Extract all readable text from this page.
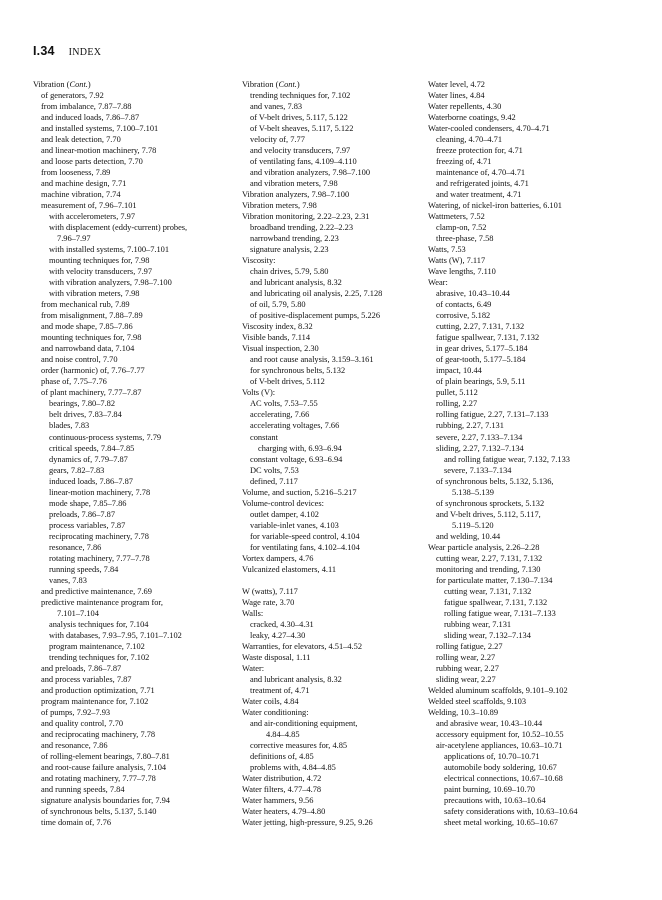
I.34 INDEX
Vibration (Cont.)
of generators, 7.92
from imbalance, 7.87–7.88
and induced loads, 7.86–7.87
and installed systems, 7.100–7.101
and leak detection, 7.70
and linear-motion machinery, 7.78
and loose parts detection, 7.70
from looseness, 7.89
and machine design, 7.71
machine vibration, 7.74
measurement of, 7.96–7.101
with accelerometers, 7.97
with displacement (eddy-current) probes,
7.96–7.97
with installed systems, 7.100–7.101
mounting techniques for, 7.98
with velocity transducers, 7.97
with vibration analyzers, 7.98–7.100
with vibration meters, 7.98
from mechanical rub, 7.89
from misalignment, 7.88–7.89
and mode shape, 7.85–7.86
mounting techniques for, 7.98
and narrowband data, 7.104
and noise control, 7.70
order (harmonic) of, 7.76–7.77
phase of, 7.75–7.76
of plant machinery, 7.77–7.87
bearings, 7.80–7.82
belt drives, 7.83–7.84
blades, 7.83
continuous-process systems, 7.79
critical speeds, 7.84–7.85
dynamics of, 7.79–7.87
gears, 7.82–7.83
induced loads, 7.86–7.87
linear-motion machinery, 7.78
mode shape, 7.85–7.86
preloads, 7.86–7.87
process variables, 7.87
reciprocating machinery, 7.78
resonance, 7.86
rotating machinery, 7.77–7.78
running speeds, 7.84
vanes, 7.83
and predictive maintenance, 7.69
predictive maintenance program for,
7.101–7.104
analysis techniques for, 7.104
with databases, 7.93–7.95, 7.101–7.102
program maintenance, 7.102
trending techniques for, 7.102
and preloads, 7.86–7.87
and process variables, 7.87
and production optimization, 7.71
program maintenance for, 7.102
of pumps, 7.92–7.93
and quality control, 7.70
and reciprocating machinery, 7.78
and resonance, 7.86
of rolling-element bearings, 7.80–7.81
and root-cause failure analysis, 7.104
and rotating machinery, 7.77–7.78
and running speeds, 7.84
signature analysis boundaries for, 7.94
of synchronous belts, 5.137, 5.140
time domain of, 7.76
Vibration (Cont.)
trending techniques for, 7.102
and vanes, 7.83
of V-belt drives, 5.117, 5.122
of V-belt sheaves, 5.117, 5.122
velocity of, 7.77
and velocity transducers, 7.97
of ventilating fans, 4.109–4.110
and vibration analyzers, 7.98–7.100
and vibration meters, 7.98
Vibration analyzers, 7.98–7.100
Vibration meters, 7.98
Vibration monitoring, 2.22–2.23, 2.31
broadband trending, 2.22–2.23
narrowband trending, 2.23
signature analysis, 2.23
Viscosity:
chain drives, 5.79, 5.80
and lubricant analysis, 8.32
and lubricating oil analysis, 2.25, 7.128
of oil, 5.79, 5.80
of positive-displacement pumps, 5.226
Viscosity index, 8.32
Visible bands, 7.114
Visual inspection, 2.30
and root cause analysis, 3.159–3.161
for synchronous belts, 5.132
of V-belt drives, 5.112
Volts (V):
AC volts, 7.53–7.55
accelerating, 7.66
accelerating voltages, 7.66
constant
charging with, 6.93–6.94
constant voltage, 6.93–6.94
DC volts, 7.53
defined, 7.117
Volume, and suction, 5.216–5.217
Volume-control devices:
outlet damper, 4.102
variable-inlet vanes, 4.103
for variable-speed control, 4.104
for ventilating fans, 4.102–4.104
Vortex dampers, 4.76
Vulcanized elastomers, 4.11
W (watts), 7.117
Wage rate, 3.70
Walls:
cracked, 4.30–4.31
leaky, 4.27–4.30
Warranties, for elevators, 4.51–4.52
Waste disposal, 1.11
Water:
and lubricant analysis, 8.32
treatment of, 4.71
Water coils, 4.84
Water conditioning:
and air-conditioning equipment,
4.84–4.85
corrective measures for, 4.85
definitions of, 4.85
problems with, 4.84–4.85
Water distribution, 4.72
Water filters, 4.77–4.78
Water hammers, 9.56
Water heaters, 4.79–4.80
Water jetting, high-pressure, 9.25, 9.26
Water level, 4.72
Water lines, 4.84
Water repellents, 4.30
Waterborne coatings, 9.42
Water-cooled condensers, 4.70–4.71
cleaning, 4.70–4.71
freeze protection for, 4.71
freezing of, 4.71
maintenance of, 4.70–4.71
and refrigerated joints, 4.71
and water treatment, 4.71
Watering, of nickel-iron batteries, 6.101
Wattmeters, 7.52
clamp-on, 7.52
three-phase, 7.58
Watts, 7.53
Watts (W), 7.117
Wave lengths, 7.110
Wear:
abrasive, 10.43–10.44
of contacts, 6.49
corrosive, 5.182
cutting, 2.27, 7.131, 7.132
fatigue spallwear, 7.131, 7.132
in gear drives, 5.177–5.184
of gear-tooth, 5.177–5.184
impact, 10.44
of plain bearings, 5.9, 5.11
pullet, 5.112
rolling, 2.27
rolling fatigue, 2.27, 7.131–7.133
rubbing, 2.27, 7.131
severe, 2.27, 7.133–7.134
sliding, 2.27, 7.132–7.134
and rolling fatigue wear, 7.132, 7.133
severe, 7.133–7.134
of synchronous belts, 5.132, 5.136,
5.138–5.139
of synchronous sprockets, 5.132
and V-belt drives, 5.112, 5.117,
5.119–5.120
and welding, 10.44
Wear particle analysis, 2.26–2.28
cutting wear, 2.27, 7.131, 7.132
monitoring and trending, 7.130
for particulate matter, 7.130–7.134
cutting wear, 7.131, 7.132
fatigue spallwear, 7.131, 7.132
rolling fatigue wear, 7.131–7.133
rubbing wear, 7.131
sliding wear, 7.132–7.134
rolling fatigue, 2.27
rolling wear, 2.27
rubbing wear, 2.27
sliding wear, 2.27
Welded aluminum scaffolds, 9.101–9.102
Welded steel scaffolds, 9.103
Welding, 10.3–10.89
and abrasive wear, 10.43–10.44
accessory equipment for, 10.52–10.55
air-acetylene appliances, 10.63–10.71
applications of, 10.70–10.71
automobile body soldering, 10.67
electrical connections, 10.67–10.68
paint burning, 10.69–10.70
precautions with, 10.63–10.64
safety considerations with, 10.63–10.64
sheet metal working, 10.65–10.67
